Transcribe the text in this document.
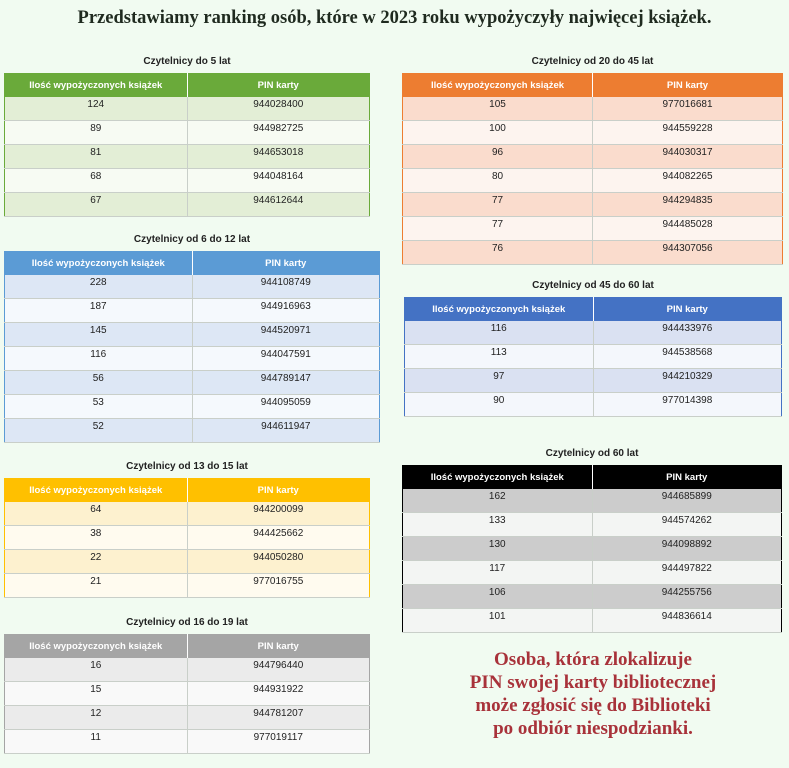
Przedstawiamy ranking osób, które w 2023 roku wypożyczyły najwięcej książek.
Czytelnicy do 5 lat
Ilość wypożyczonych książek	PIN karty
124	944028400
89	944982725
81	944653018
68	944048164
67	944612644
Czytelnicy od 6 do 12 lat
Ilość wypożyczonych książek	PIN karty
228	944108749
187	944916963
145	944520971
116	944047591
56	944789147
53	944095059
52	944611947
Czytelnicy od 13 do 15 lat
Ilość wypożyczonych książek	PIN karty
64	944200099
38	944425662
22	944050280
21	977016755
Czytelnicy od 16 do 19 lat
Ilość wypożyczonych książek	PIN karty
16	944796440
15	944931922
12	944781207
11	977019117
Czytelnicy od 20 do 45 lat
Ilość wypożyczonych książek	PIN karty
105	977016681
100	944559228
96	944030317
80	944082265
77	944294835
77	944485028
76	944307056
Czytelnicy od 45 do 60 lat
Ilość wypożyczonych książek	PIN karty
116	944433976
113	944538568
97	944210329
90	977014398
Czytelnicy od 60 lat
Ilość wypożyczonych książek	PIN karty
162	944685899
133	944574262
130	944098892
117	944497822
106	944255756
101	944836614
Osoba, która zlokalizuje
PIN swojej karty bibliotecznej
może zgłosić się do Biblioteki
po odbiór niespodzianki.
